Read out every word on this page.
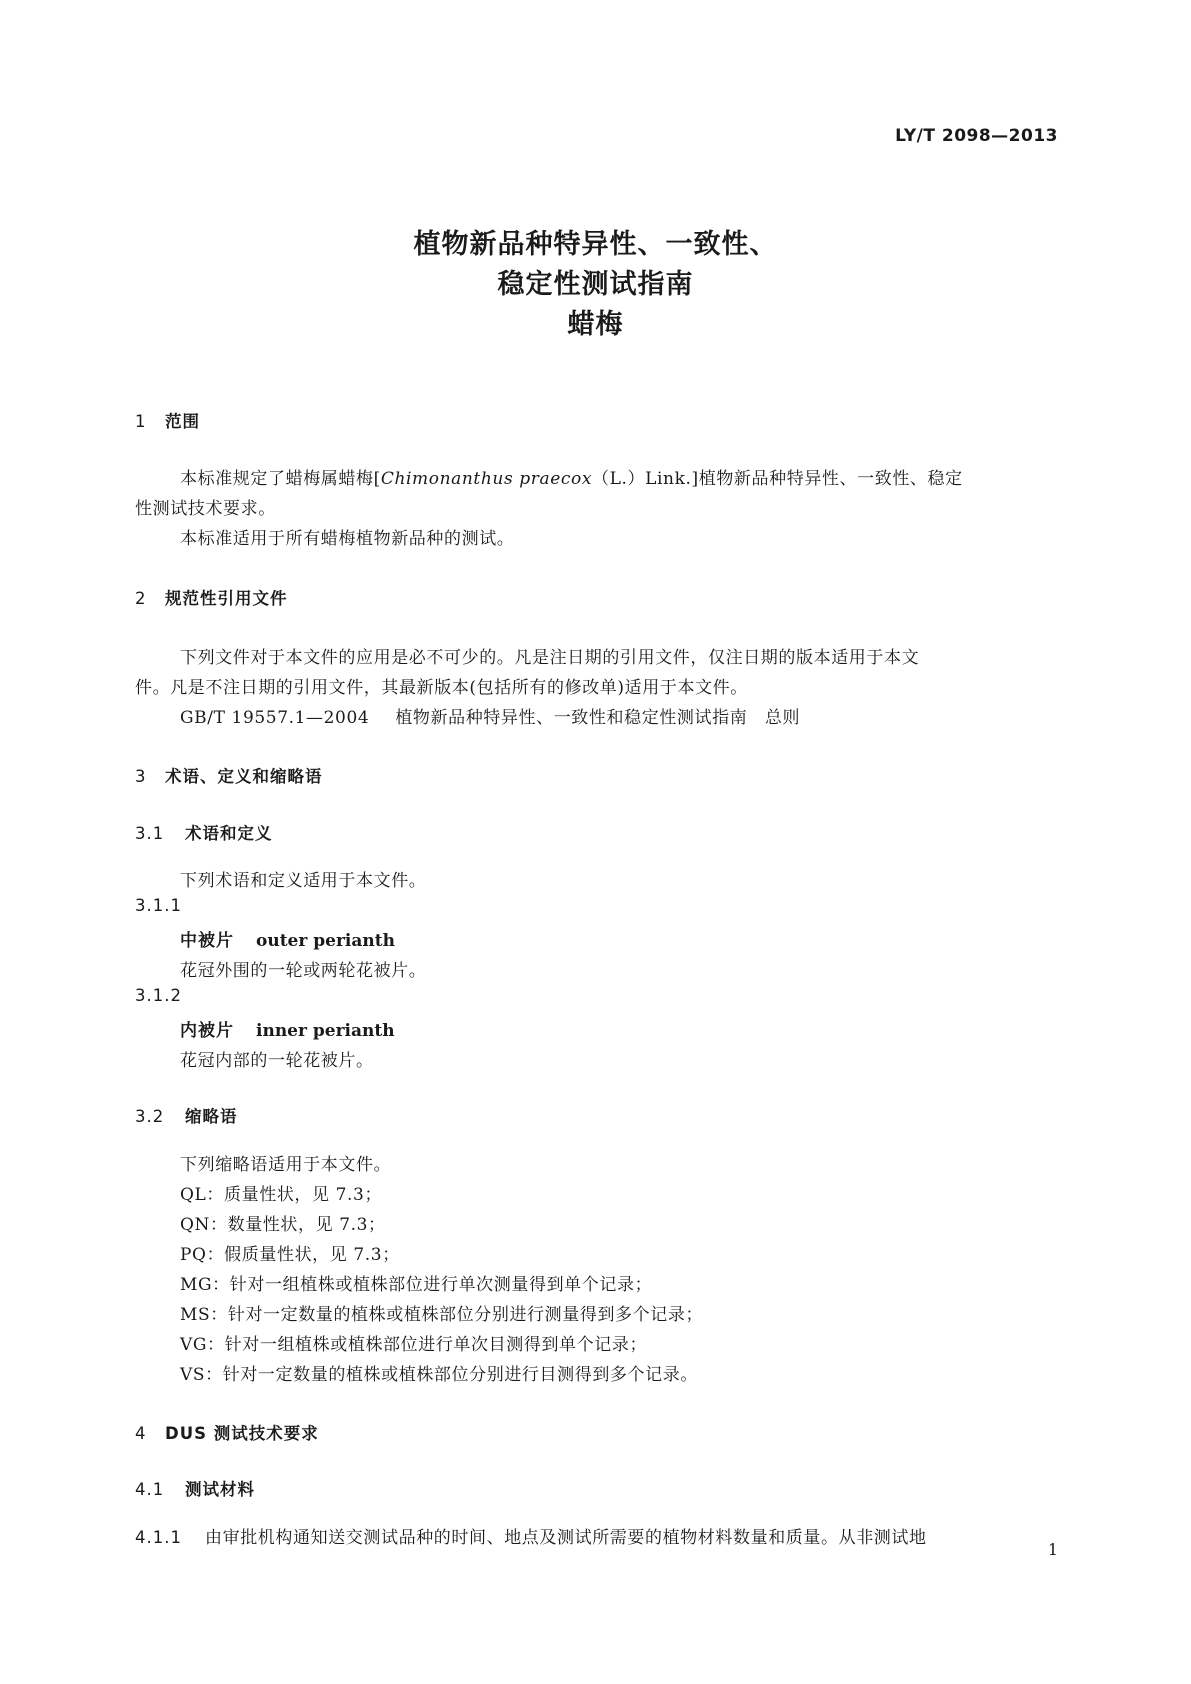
LY/T 2098—2013
植物新品种特异性、一致性、
稳定性测试指南
蜡梅
1 范围
本标准规定了蜡梅属蜡梅[Chimonanthus praecox（L.）Link.]植物新品种特异性、一致性、稳定
性测试技术要求。
本标准适用于所有蜡梅植物新品种的测试。
2 规范性引用文件
下列文件对于本文件的应用是必不可少的。凡是注日期的引用文件，仅注日期的版本适用于本文
件。凡是不注日期的引用文件，其最新版本(包括所有的修改单)适用于本文件。
GB/T 19557.1—2004 植物新品种特异性、一致性和稳定性测试指南　总则
3 术语、定义和缩略语
3.1 术语和定义
下列术语和定义适用于本文件。
3.1.1
中被片 outer perianth
花冠外围的一轮或两轮花被片。
3.1.2
内被片 inner perianth
花冠内部的一轮花被片。
3.2 缩略语
下列缩略语适用于本文件。
QL：质量性状，见 7.3；
QN：数量性状，见 7.3；
PQ：假质量性状，见 7.3；
MG：针对一组植株或植株部位进行单次测量得到单个记录；
MS：针对一定数量的植株或植株部位分别进行测量得到多个记录；
VG：针对一组植株或植株部位进行单次目测得到单个记录；
VS：针对一定数量的植株或植株部位分别进行目测得到多个记录。
4 DUS 测试技术要求
4.1 测试材料
4.1.1 由审批机构通知送交测试品种的时间、地点及测试所需要的植物材料数量和质量。从非测试地
1
